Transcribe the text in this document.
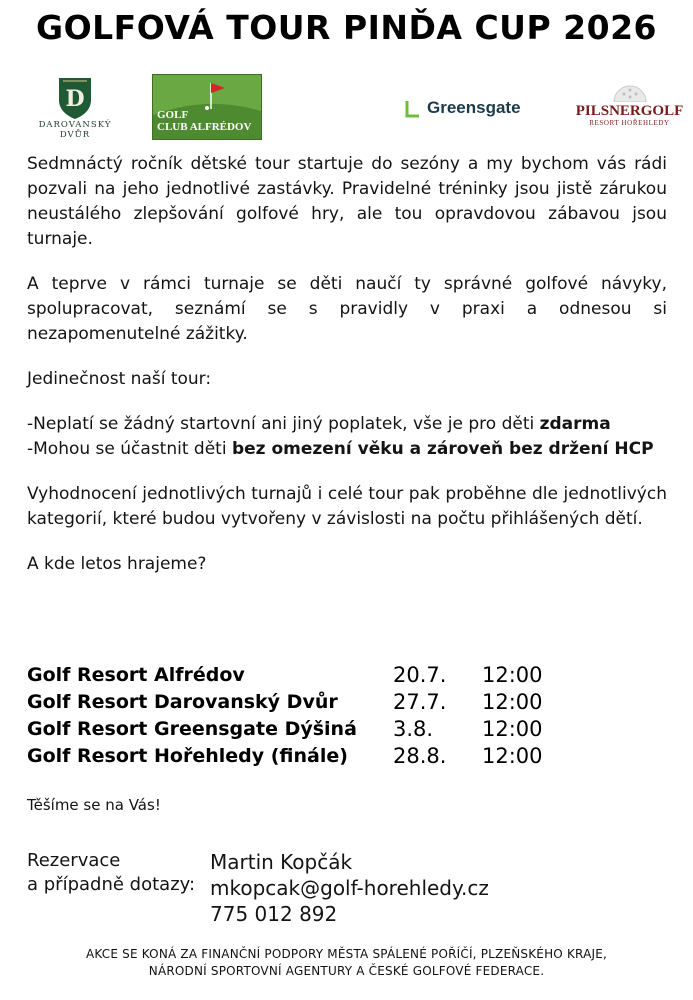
GOLFOVÁ TOUR PINĎA CUP 2026
D
DAROVANSKÝ
DVŮR
GOLF
CLUB ALFRÉDOV
Greensgate	PILSNERGOLF
RESORT HOŘEHLEDY

Sedmnáctý ročník dětské tour startuje do sezóny a my bychom vás rádi pozvali na jeho jednotlivé zastávky. Pravidelné tréninky jsou jistě zárukou neustálého zlepšování golfové hry, ale tou opravdovou zábavou jsou turnaje.

A teprve v rámci turnaje se děti naučí ty správné golfové návyky, spolupracovat, seznámí se s pravidly v praxi a odnesou si nezapomenutelné zážitky.

Jedinečnost naší tour:

-Neplatí se žádný startovní ani jiný poplatek, vše je pro děti zdarma

-Mohou se účastnit děti bez omezení věku a zároveň bez držení HCP

Vyhodnocení jednotlivých turnajů i celé tour pak proběhne dle jednotlivých kategorií, které budou vytvořeny v závislosti na počtu přihlášených dětí.

A kde letos hrajeme?

Golf Resort Alfrédov	20.7. 12:00
Golf Resort Darovanský Dvůr	27.7. 12:00
Golf Resort Greensgate Dýšiná 3.8. 12:00
Golf Resort Hořehledy (finále) 28.8. 12:00
Těšíme se na Vás!
Rezervace
a případně dotazy:
Martin Kopčák
mkopcak@golf-horehledy.cz
775 012 892
AKCE SE KONÁ ZA FINANČNÍ PODPORY MĚSTA SPÁLENÉ POŘÍČÍ, PLZEŇSKÉHO KRAJE,
NÁRODNÍ SPORTOVNÍ AGENTURY A ČESKÉ GOLFOVÉ FEDERACE.
